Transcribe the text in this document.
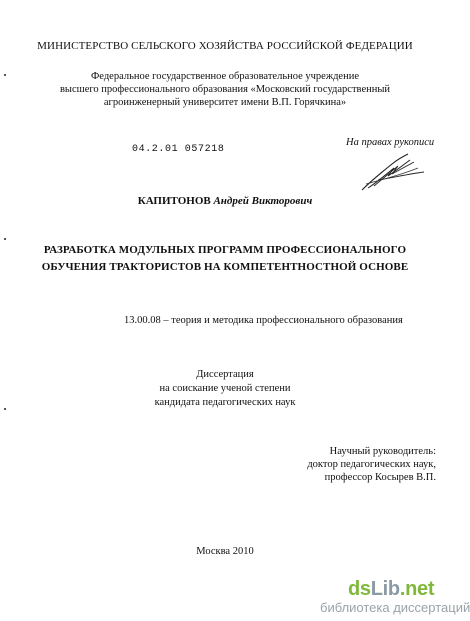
МИНИСТЕРСТВО СЕЛЬСКОГО ХОЗЯЙСТВА РОССИЙСКОЙ ФЕДЕРАЦИИ
Федеральное государственное образовательное учреждение
высшего профессионального образования «Московский государственный
агроинженерный университет имени В.П. Горячкина»
04.2.01 057218
На правах рукописи
КАПИТОНОВ Андрей Викторович
РАЗРАБОТКА МОДУЛЬНЫХ ПРОГРАММ ПРОФЕССИОНАЛЬНОГО
ОБУЧЕНИЯ ТРАКТОРИСТОВ НА КОМПЕТЕНТНОСТНОЙ ОСНОВЕ
13.00.08 – теория и методика профессионального образования
Диссертация
на соискание ученой степени
кандидата педагогических наук
Научный руководитель:
доктор педагогических наук,
профессор Косырев В.П.
Москва 2010
dsLib.net
библиотека диссертаций
